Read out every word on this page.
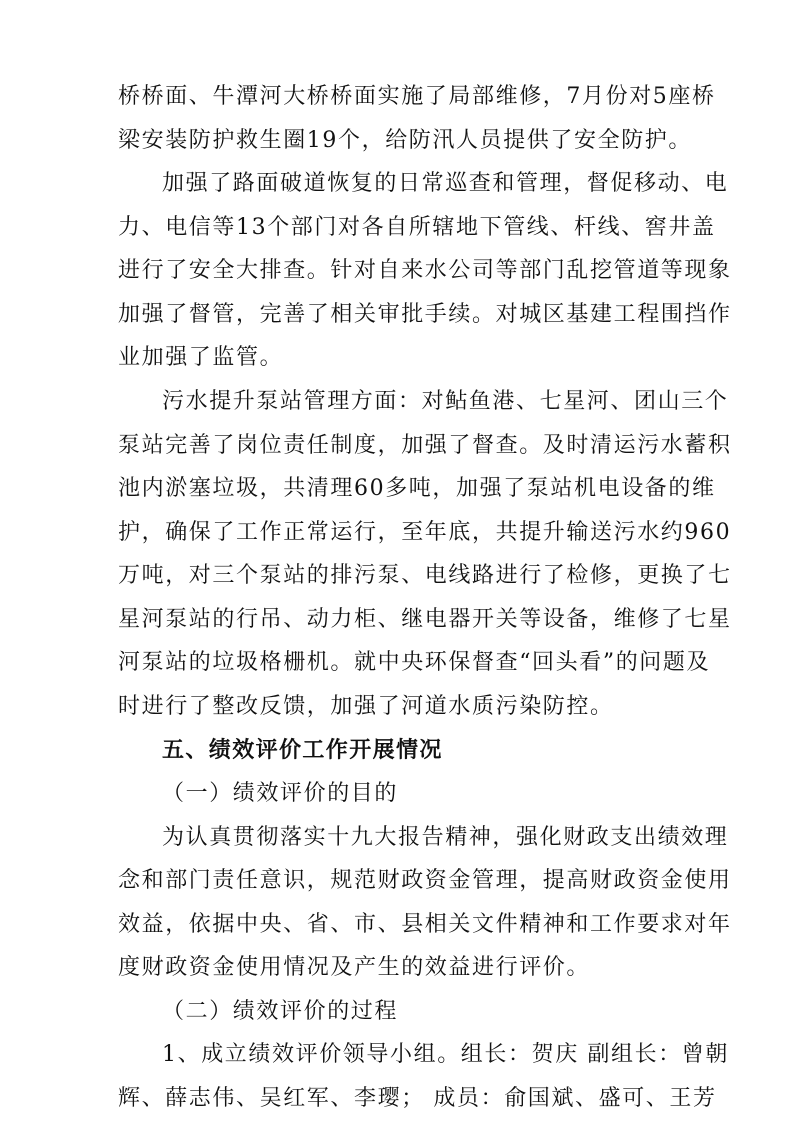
桥桥面、牛潭河大桥桥面实施了局部维修，7月份对5座桥
梁安装防护救生圈19个，给防汛人员提供了安全防护。
加强了路面破道恢复的日常巡查和管理，督促移动、电
力、电信等13个部门对各自所辖地下管线、杆线、窖井盖
进行了安全大排查。针对自来水公司等部门乱挖管道等现象
加强了督管，完善了相关审批手续。对城区基建工程围挡作
业加强了监管。
污水提升泵站管理方面：对鲇鱼港、七星河、团山三个
泵站完善了岗位责任制度，加强了督查。及时清运污水蓄积
池内淤塞垃圾，共清理60多吨，加强了泵站机电设备的维
护，确保了工作正常运行，至年底，共提升输送污水约960
万吨，对三个泵站的排污泵、电线路进行了检修，更换了七
星河泵站的行吊、动力柜、继电器开关等设备，维修了七星
河泵站的垃圾格栅机。就中央环保督查“回头看”的问题及
时进行了整改反馈，加强了河道水质污染防控。
五、绩效评价工作开展情况
（一）绩效评价的目的
为认真贯彻落实十九大报告精神，强化财政支出绩效理
念和部门责任意识，规范财政资金管理，提高财政资金使用
效益，依据中央、省、市、县相关文件精神和工作要求对年
度财政资金使用情况及产生的效益进行评价。
（二）绩效评价的过程
1、成立绩效评价领导小组。组长：贺庆 副组长：曾朝
辉、薛志伟、吴红军、李璎； 成员：俞国斌、盛可、王芳
